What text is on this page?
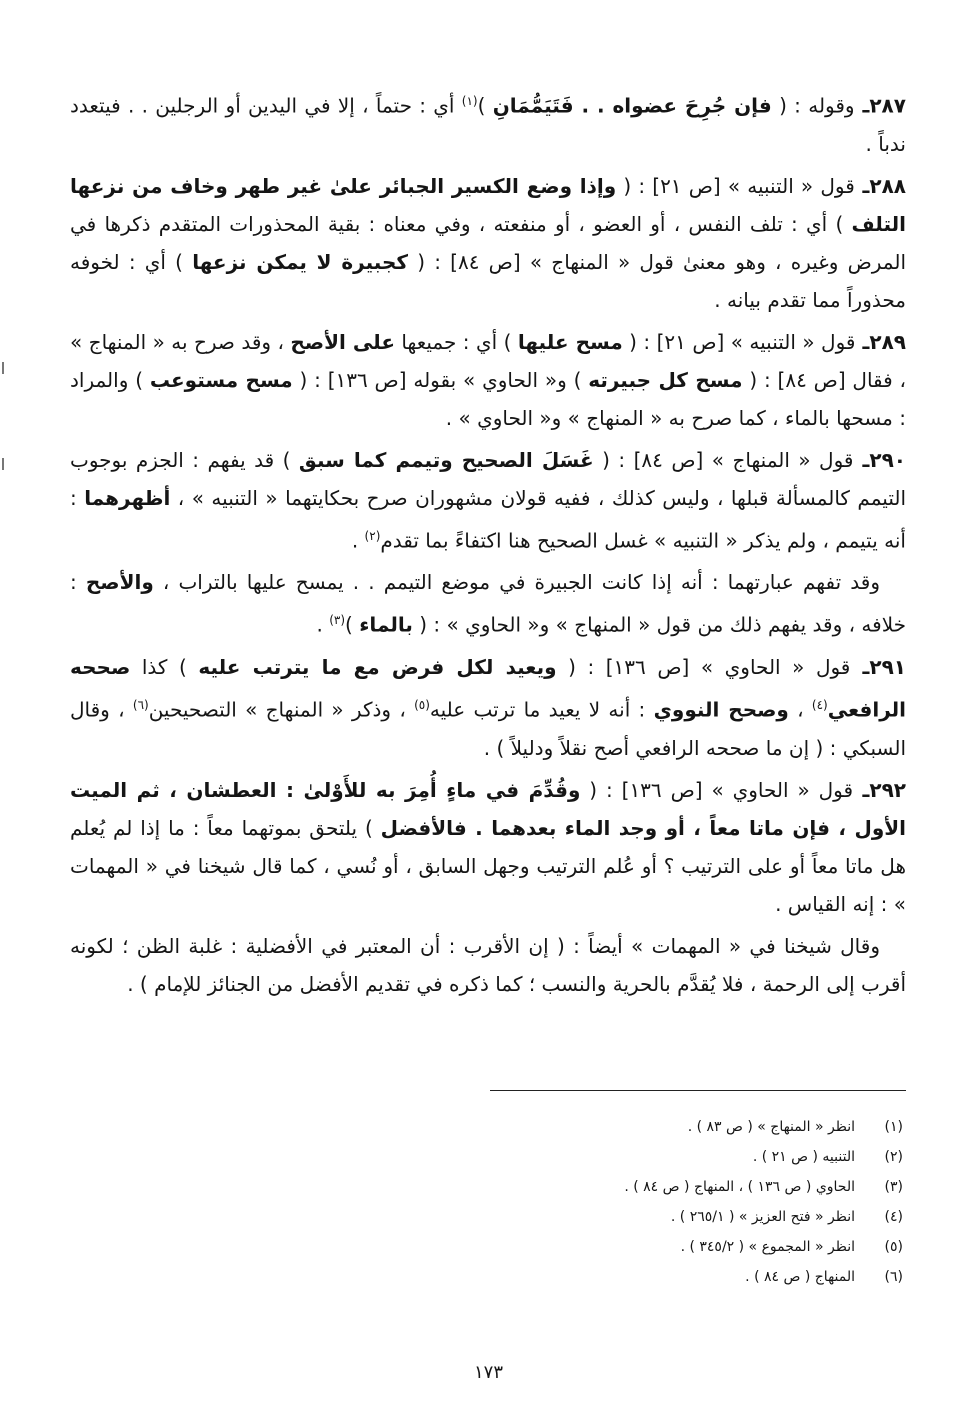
٢٨٧ـ وقوله : ( فإن جُرِحَ عضواه . . فَتَيَمُّمَانِ )$^{(١)}$ أي : حتماً ، إلا في اليدين أو الرجلين . . فيتعدد ندباً .

٢٨٨ـ قول « التنبيه » [ص ٢١] : ( وإذا وضع الكسير الجبائر علىٰ غير طهر وخاف من نزعها التلف ) أي : تلف النفس ، أو العضو ، أو منفعته ، وفي معناه : بقية المحذورات المتقدم ذكرها في المرض وغيره ، وهو معنىٰ قول « المنهاج » [ص ٨٤] : ( كجبيرة لا يمكن نزعها ) أي : لخوفه محذوراً مما تقدم بيانه .

٢٨٩ـ قول « التنبيه » [ص ٢١] : ( مسح عليها ) أي : جميعها على الأصح ، وقد صرح به « المنهاج » ، فقال [ص ٨٤] : ( مسح كل جبيرته ) و« الحاوي » بقوله [ص ١٣٦] : ( مسح مستوعب ) والمراد : مسحها بالماء ، كما صرح به « المنهاج » و« الحاوي » .

٢٩٠ـ قول « المنهاج » [ص ٨٤] : ( غَسَلَ الصحيح وتيمم كما سبق ) قد يفهم : الجزم بوجوب التيمم كالمسألة قبلها ، وليس كذلك ، ففيه قولان مشهوران صرح بحكايتهما « التنبيه » ، أظهرهما : أنه يتيمم ، ولم يذكر « التنبيه » غسل الصحيح هنا اكتفاءً بما تقدم$^{(٢)}$ .

وقد تفهم عبارتهما : أنه إذا كانت الجبيرة في موضع التيمم . . يمسح عليها بالتراب ، والأصح : خلافه ، وقد يفهم ذلك من قول « المنهاج » و« الحاوي » : ( بالماء )$^{(٣)}$ .

٢٩١ـ قول « الحاوي » [ص ١٣٦] : ( ويعيد لكل فرض مع ما يترتب عليه ) كذا صححه الرافعي$^{(٤)}$ ، وصحح النووي : أنه لا يعيد ما ترتب عليه$^{(٥)}$ ، وذكر « المنهاج » التصحيحين$^{(٦)}$ ، وقال السبكي : ( إن ما صححه الرافعي أصح نقلاً ودليلاً ) .

٢٩٢ـ قول « الحاوي » [ص ١٣٦] : ( وقُدِّمَ في ماءٍ أُمِرَ به للأَوْلىٰ : العطشان ، ثم الميت الأول ، فإن ماتا معاً ، أو وجد الماء بعدهما . فالأفضل ) يلتحق بموتهما معاً : ما إذا لم يُعلم هل ماتا معاً أو على الترتيب ؟ أو عُلم الترتيب وجهل السابق ، أو نُسي ، كما قال شيخنا في « المهمات » : إنه القياس .

وقال شيخنا في « المهمات » أيضاً : ( إن الأقرب : أن المعتبر في الأفضلية : غلبة الظن ؛ لكونه أقرب إلى الرحمة ، فلا يُقدَّم بالحرية والنسب ؛ كما ذكره في تقديم الأفضل من الجنائز للإمام ) .

(١)
انظر « المنهاج » ( ص ٨٣ ) .
(٢)
التنبيه ( ص ٢١ ) .
(٣)
الحاوي ( ص ١٣٦ ) ، المنهاج ( ص ٨٤ ) .
(٤)
انظر « فتح العزيز » ( ٢٦٥/١ ) .
(٥)
انظر « المجموع » ( ٣٤٥/٢ ) .
(٦)
المنهاج ( ص ٨٤ ) .
١٧٣
